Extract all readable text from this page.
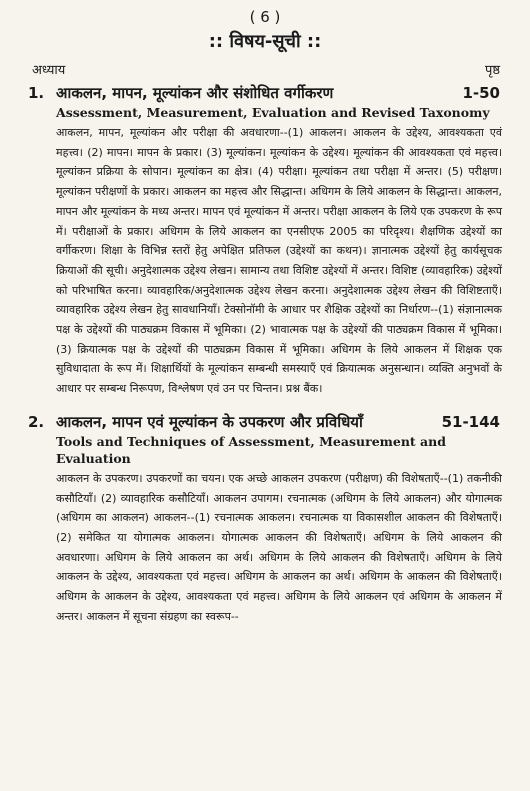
( 6 )
:: विषय-सूची ::
अध्याय	पृष्ठ
1. आकलन, मापन, मूल्यांकन और संशोधित वर्गीकरण	1-50
Assessment, Measurement, Evaluation and Revised Taxonomy
आकलन, मापन, मूल्यांकन और परीक्षा की अवधारणा--(1) आकलन। आकलन के उद्देश्य, आवश्यकता एवं महत्त्व। (2) मापन। मापन के प्रकार। (3) मूल्यांकन। मूल्यांकन के उद्देश्य। मूल्यांकन की आवश्यकता एवं महत्त्व। मूल्यांकन प्रक्रिया के सोपान। मूल्यांकन का क्षेत्र। (4) परीक्षा। मूल्यांकन तथा परीक्षा में अन्तर। (5) परीक्षण। मूल्यांकन परीक्षणों के प्रकार। आकलन का महत्त्व और सिद्धान्त। अधिगम के लिये आकलन के सिद्धान्त। आकलन, मापन और मूल्यांकन के मध्य अन्तर। मापन एवं मूल्यांकन में अन्तर। परीक्षा आकलन के लिये एक उपकरण के रूप में। परीक्षाओं के प्रकार। अधिगम के लिये आकलन का एनसीएफ 2005 का परिदृश्य। शैक्षणिक उद्देश्यों का वर्गीकरण। शिक्षा के विभिन्न स्तरों हेतु अपेक्षित प्रतिफल (उद्देश्यों का कथन)। ज्ञानात्मक उद्देश्यों हेतु कार्यसूचक क्रियाओं की सूची। अनुदेशात्मक उद्देश्य लेखन। सामान्य तथा विशिष्ट उद्देश्यों में अन्तर। विशिष्ट (व्यावहारिक) उद्देश्यों को परिभाषित करना। व्यावहारिक/अनुदेशात्मक उद्देश्य लेखन करना। अनुदेशात्मक उद्देश्य लेखन की विशिष्टताएँ। व्यावहारिक उद्देश्य लेखन हेतु सावधानियाँ। टेक्सोनॉमी के आधार पर शैक्षिक उद्देश्यों का निर्धारण--(1) संज्ञानात्मक पक्ष के उद्देश्यों की पाठ्यक्रम विकास में भूमिका। (2) भावात्मक पक्ष के उद्देश्यों की पाठ्यक्रम विकास में भूमिका। (3) क्रियात्मक पक्ष के उद्देश्यों की पाठ्यक्रम विकास में भूमिका। अधिगम के लिये आकलन में शिक्षक एक सुविधादाता के रूप में। शिक्षार्थियों के मूल्यांकन सम्बन्धी समस्याएँ एवं क्रियात्मक अनुसन्धान। व्यक्ति अनुभवों के आधार पर सम्बन्ध निरूपण, विश्लेषण एवं उन पर चिन्तन। प्रश्न बैंक।
2. आकलन, मापन एवं मूल्यांकन के उपकरण और प्रविधियाँ	51-144
Tools and Techniques of Assessment, Measurement and Evaluation
आकलन के उपकरण। उपकरणों का चयन। एक अच्छे आकलन उपकरण (परीक्षण) की विशेषताएँ--(1) तकनीकी कसौटियाँ। (2) व्यावहारिक कसौटियाँ। आकलन उपागम। रचनात्मक (अधिगम के लिये आकलन) और योगात्मक (अधिगम का आकलन) आकलन--(1) रचनात्मक आकलन। रचनात्मक या विकासशील आकलन की विशेषताएँ। (2) समेकित या योगात्मक आकलन। योगात्मक आकलन की विशेषताएँ। अधिगम के लिये आकलन की अवधारणा। अधिगम के लिये आकलन का अर्थ। अधिगम के लिये आकलन की विशेषताएँ। अधिगम के लिये आकलन के उद्देश्य, आवश्यकता एवं महत्त्व। अधिगम के आकलन का अर्थ। अधिगम के आकलन की विशेषताएँ। अधिगम के आकलन के उद्देश्य, आवश्यकता एवं महत्त्व। अधिगम के लिये आकलन एवं अधिगम के आकलन में अन्तर। आकलन में सूचना संग्रहण का स्वरूप--
